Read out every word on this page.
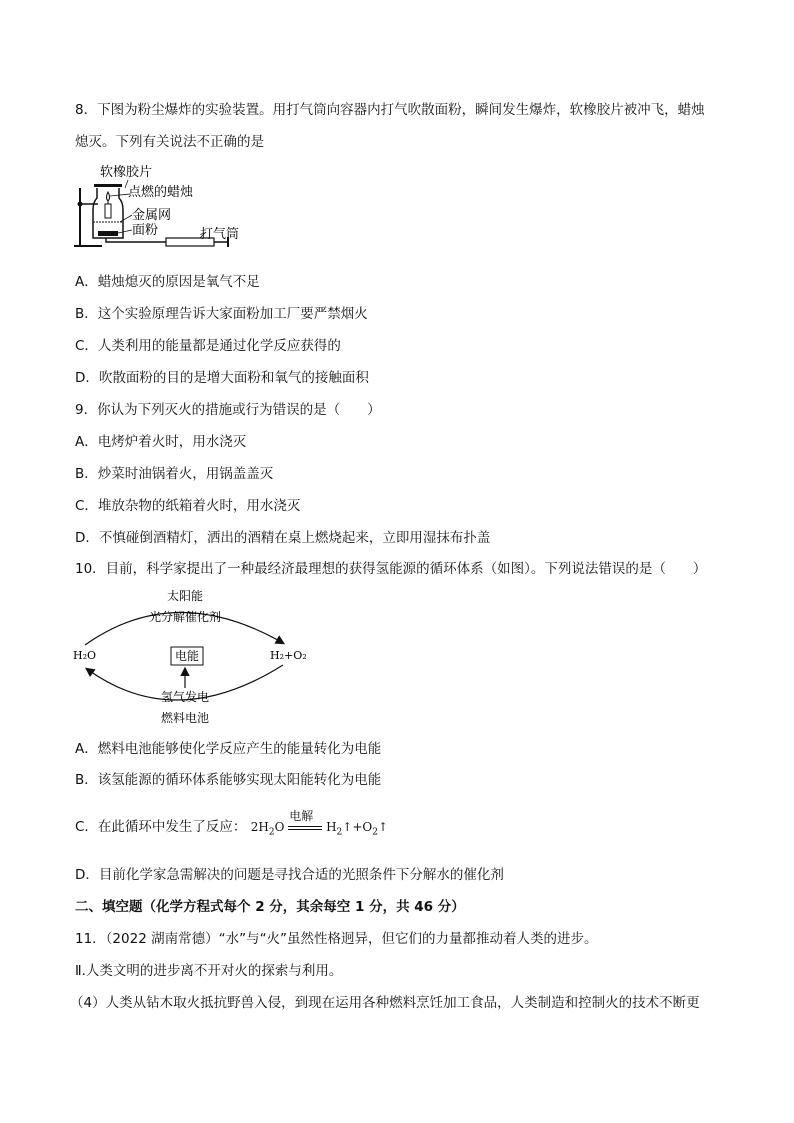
8．下图为粉尘爆炸的实验装置。用打气筒向容器内打气吹散面粉，瞬间发生爆炸，软橡胶片被冲飞，蜡烛
熄灭。下列有关说法不正确的是
软橡胶片
点燃的蜡烛
金属网
面粉	打气筒
A．蜡烛熄灭的原因是氧气不足
B．这个实验原理告诉大家面粉加工厂要严禁烟火
C．人类利用的能量都是通过化学反应获得的
D．吹散面粉的目的是增大面粉和氧气的接触面积
9．你认为下列灭火的措施或行为错误的是（　　）
A．电烤炉着火时，用水浇灭
B．炒菜时油锅着火，用锅盖盖灭
C．堆放杂物的纸箱着火时，用水浇灭
D．不慎碰倒酒精灯，洒出的酒精在桌上燃烧起来，立即用湿抹布扑盖
10．目前，科学家提出了一种最经济最理想的获得氢能源的循环体系（如图）。下列说法错误的是（　　）
电能
太阳能
光分解催化剂
H₂O	H₂+O₂
氢气发电
燃料电池
A．燃料电池能够使化学反应产生的能量转化为电能
B．该氢能源的循环体系能够实现太阳能转化为电能
C．在此循环中发生了反应： $2H_2O$
电解
$H_2↑+O_2↑$
D．目前化学家急需解决的问题是寻找合适的光照条件下分解水的催化剂
二、填空题（化学方程式每个 2 分，其余每空 1 分，共 46 分）
11．（2022 湖南常德）“水”与“火”虽然性格迥异，但它们的力量都推动着人类的进步。
Ⅱ.人类文明的进步离不开对火的探索与利用。
（4）人类从钻木取火抵抗野兽入侵，到现在运用各种燃料烹饪加工食品，人类制造和控制火的技术不断更
